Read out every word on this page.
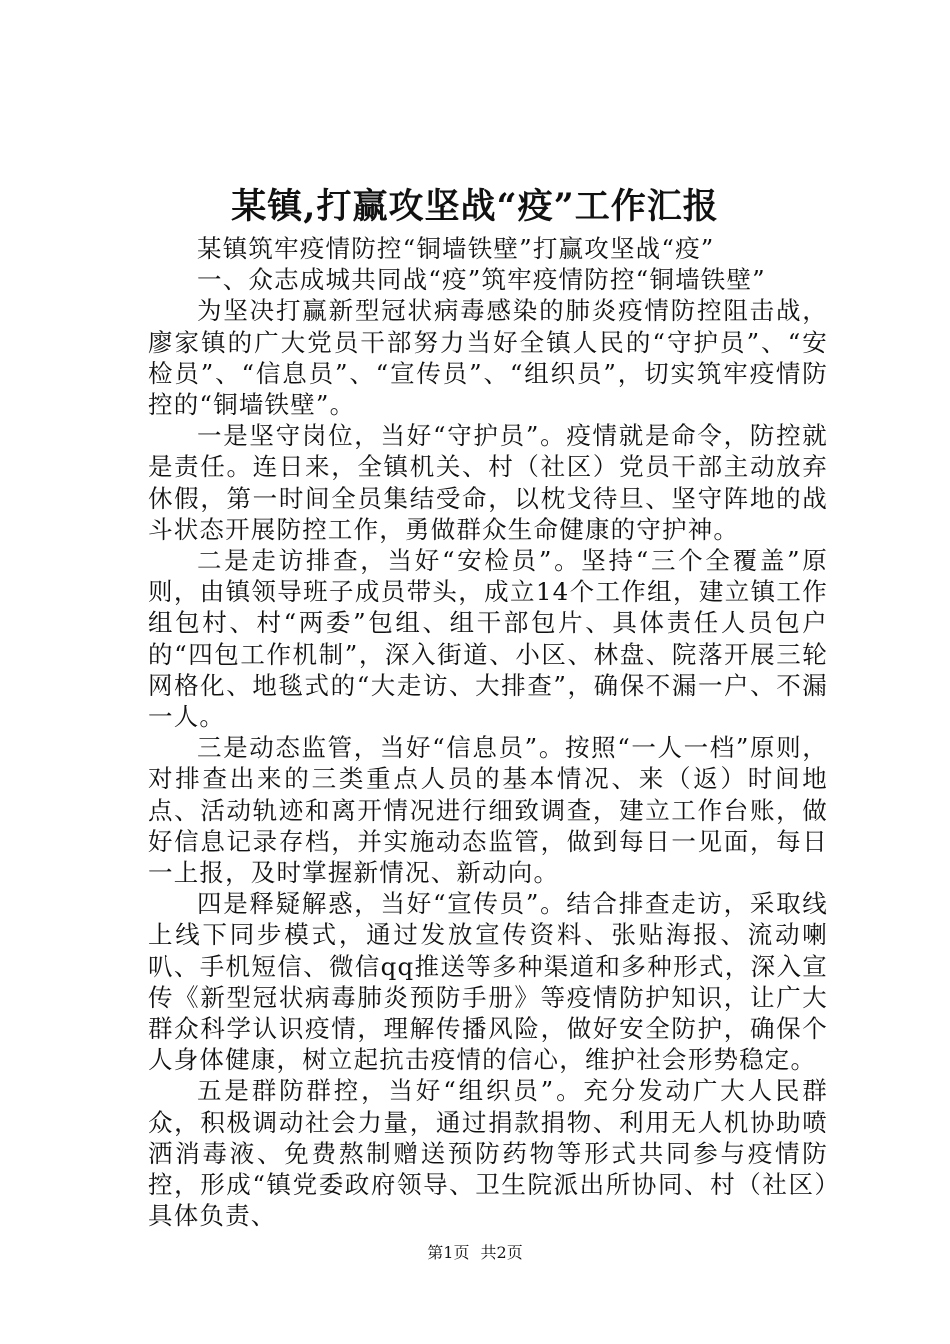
某镇,打赢攻坚战“疫”工作汇报

某镇筑牢疫情防控“铜墙铁壁”打赢攻坚战“疫”

一、众志成城共同战“疫”筑牢疫情防控“铜墙铁壁”

为坚决打赢新型冠状病毒感染的肺炎疫情防控阻击战，廖家镇的广大党员干部努力当好全镇人民的“守护员”、“安检员”、“信息员”、“宣传员”、“组织员”，切实筑牢疫情防控的“铜墙铁壁”。

一是坚守岗位，当好“守护员”。疫情就是命令，防控就是责任。连日来，全镇机关、村（社区）党员干部主动放弃休假，第一时间全员集结受命，以枕戈待旦、坚守阵地的战斗状态开展防控工作，勇做群众生命健康的守护神。

二是走访排查，当好“安检员”。坚持“三个全覆盖”原则，由镇领导班子成员带头，成立14个工作组，建立镇工作组包村、村“两委”包组、组干部包片、具体责任人员包户的“四包工作机制”，深入街道、小区、林盘、院落开展三轮网格化、地毯式的“大走访、大排查”，确保不漏一户、不漏一人。

三是动态监管，当好“信息员”。按照“一人一档”原则，对排查出来的三类重点人员的基本情况、来（返）时间地点、活动轨迹和离开情况进行细致调查，建立工作台账，做好信息记录存档，并实施动态监管，做到每日一见面，每日一上报，及时掌握新情况、新动向。

四是释疑解惑，当好“宣传员”。结合排查走访，采取线上线下同步模式，通过发放宣传资料、张贴海报、流动喇叭、手机短信、微信qq推送等多种渠道和多种形式，深入宣传《新型冠状病毒肺炎预防手册》等疫情防护知识，让广大群众科学认识疫情，理解传播风险，做好安全防护，确保个人身体健康，树立起抗击疫情的信心，维护社会形势稳定。

五是群防群控，当好“组织员”。充分发动广大人民群众，积极调动社会力量，通过捐款捐物、利用无人机协助喷洒消毒液、免费熬制赠送预防药物等形式共同参与疫情防控，形成“镇党委政府领导、卫生院派出所协同、村（社区）具体负责、

第1页 共2页
